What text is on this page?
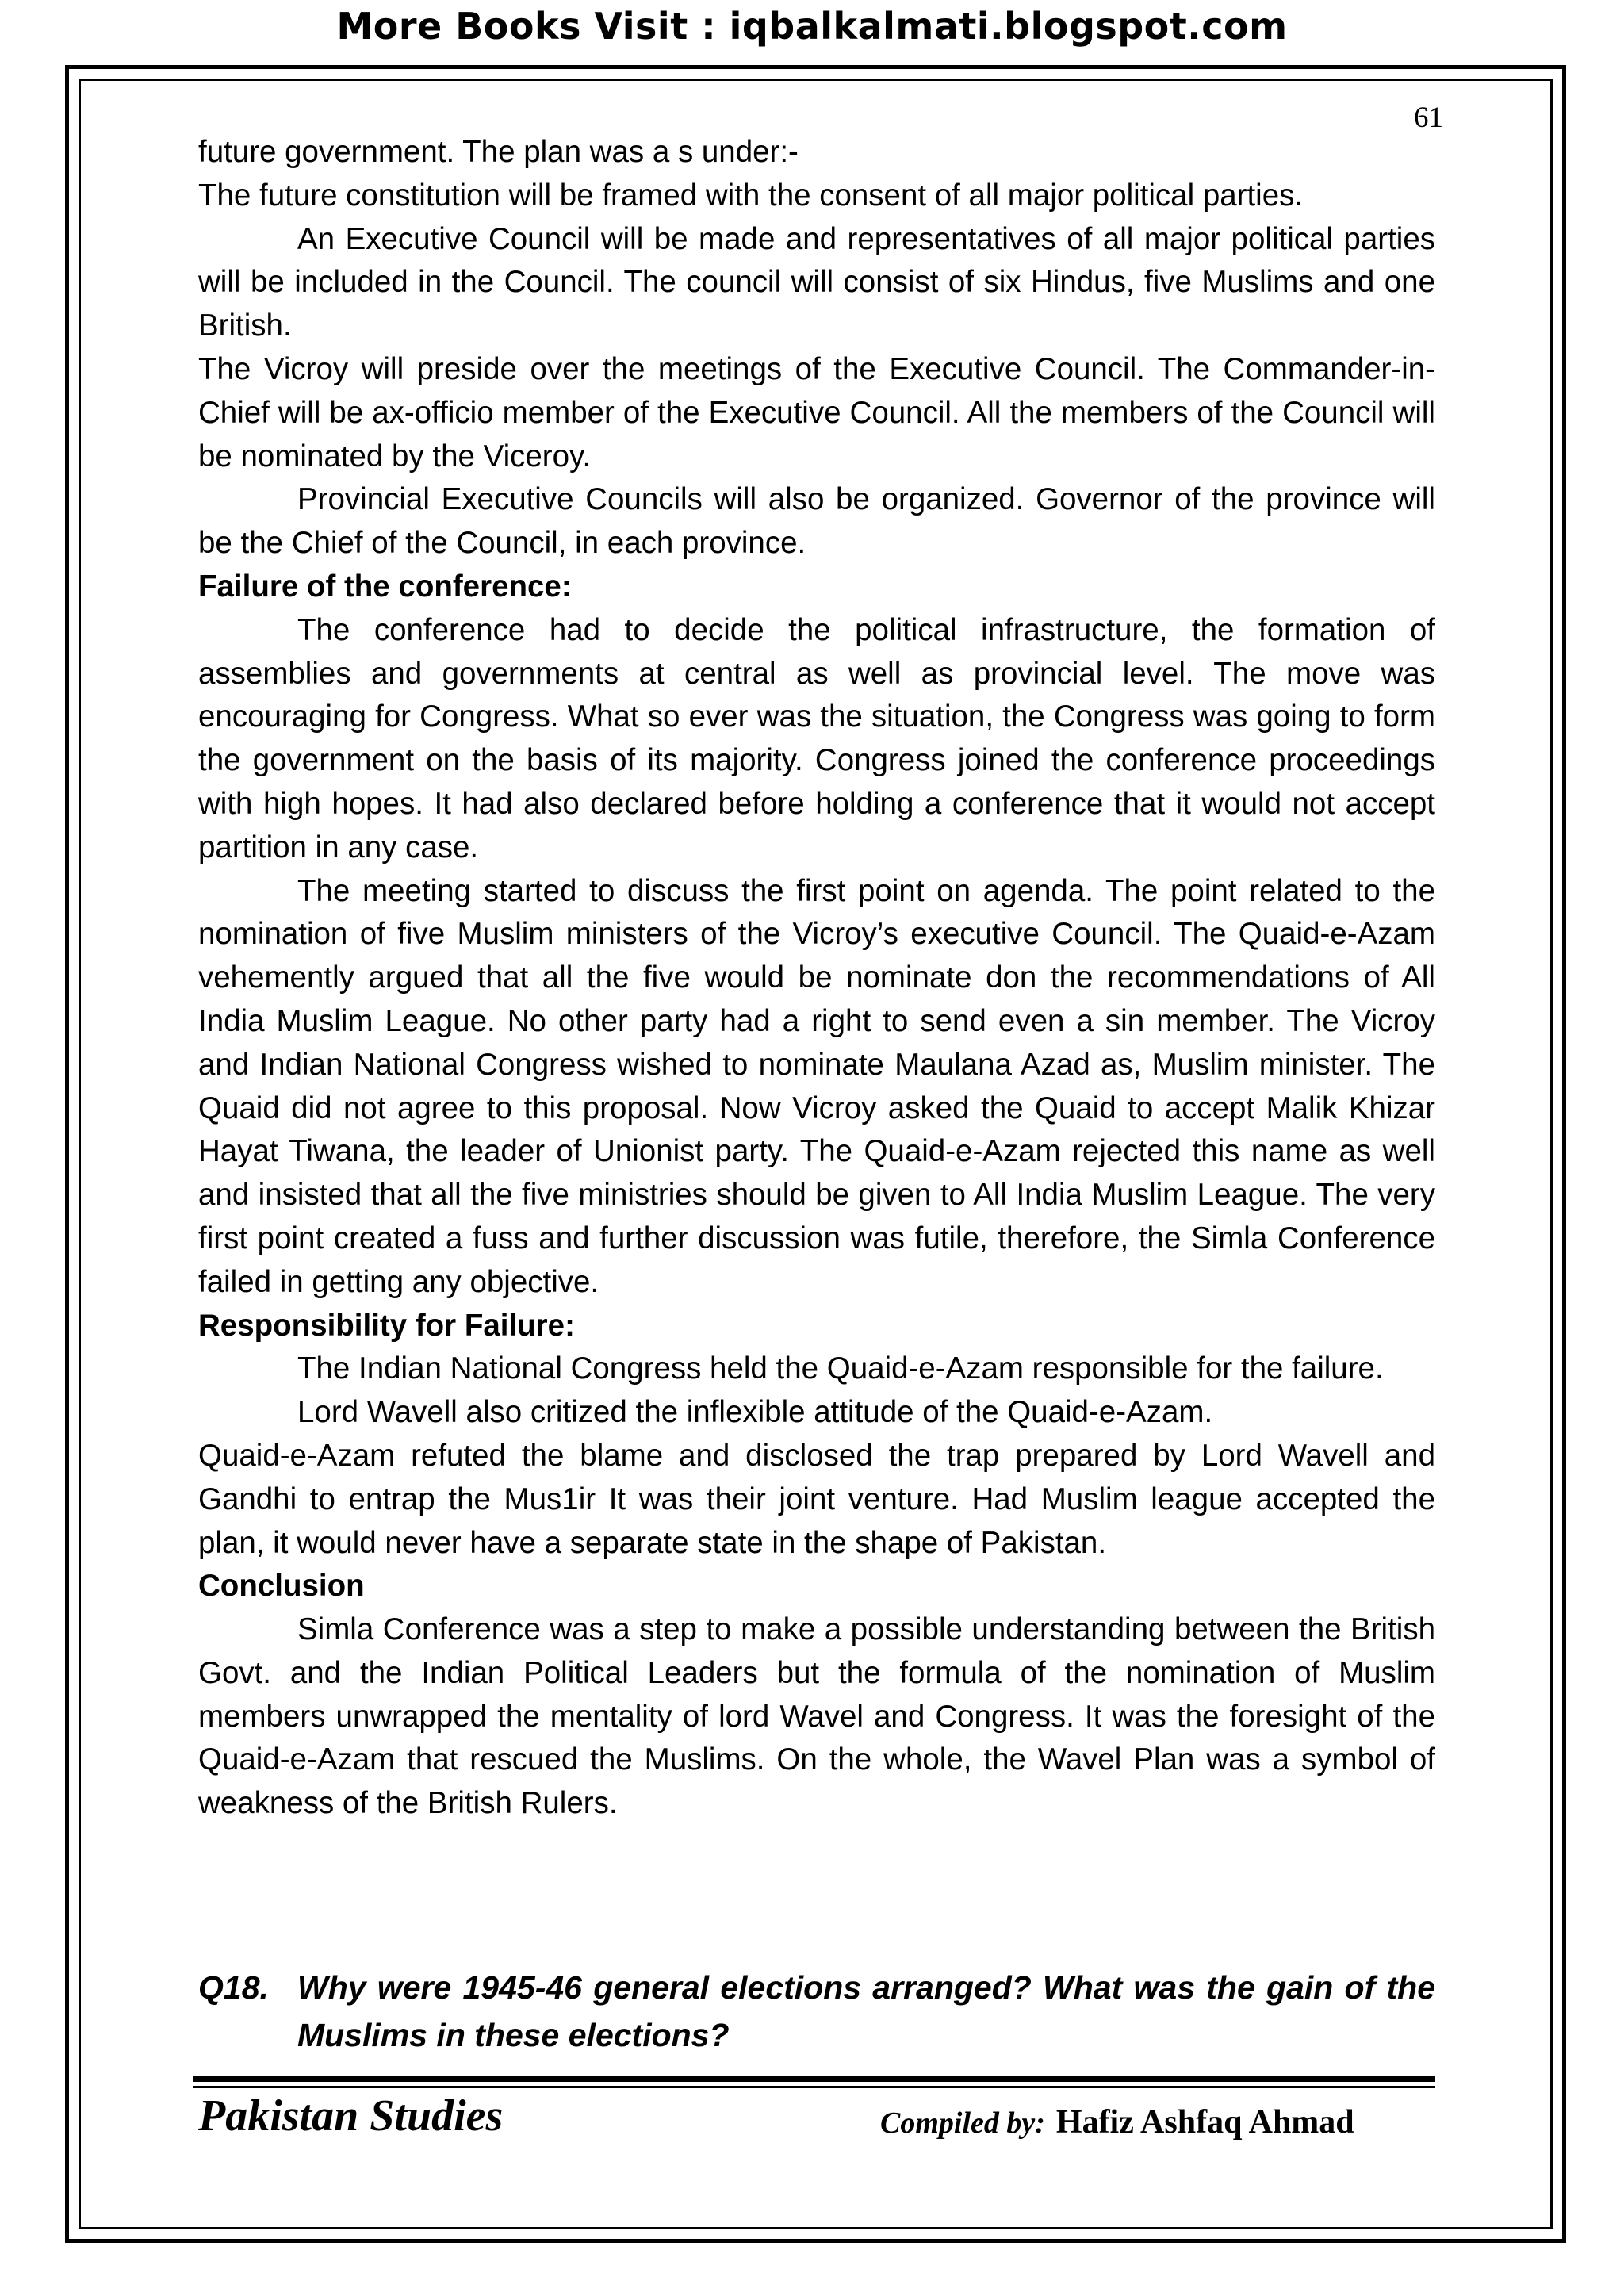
More Books Visit : iqbalkalmati.blogspot.com
61

future government. The plan was a s under:-

The future constitution will be framed with the consent of all major political parties.

An Executive Council will be made and representatives of all major political parties will be included in the Council. The council will consist of six Hindus, five Muslims and one British.

The Vicroy will preside over the meetings of the Executive Council. The Commander-in-Chief will be ax-officio member of the Executive Council. All the members of the Council will be nominated by the Viceroy.

Provincial Executive Councils will also be organized. Governor of the province will be the Chief of the Council, in each province.

Failure of the conference:

The conference had to decide the political infrastructure, the formation of assemblies and governments at central as well as provincial level. The move was encouraging for Congress. What so ever was the situation, the Congress was going to form the government on the basis of its majority. Congress joined the conference proceedings with high hopes. It had also declared before holding a conference that it would not accept partition in any case.

The meeting started to discuss the first point on agenda. The point related to the nomination of five Muslim ministers of the Vicroy’s executive Council. The Quaid-e-Azam vehemently argued that all the five would be nominate don the recommendations of All India Muslim League. No other party had a right to send even a sin member. The Vicroy and Indian National Congress wished to nominate Maulana Azad as, Muslim minister. The Quaid did not agree to this proposal. Now Vicroy asked the Quaid to accept Malik Khizar Hayat Tiwana, the leader of Unionist party. The Quaid-e-Azam rejected this name as well and insisted that all the five ministries should be given to All India Muslim League. The very first point created a fuss and further discussion was futile, therefore, the Simla Conference failed in getting any objective.

Responsibility for Failure:

The Indian National Congress held the Quaid-e-Azam responsible for the failure.

Lord Wavell also critized the inflexible attitude of the Quaid-e-Azam.

Quaid-e-Azam refuted the blame and disclosed the trap prepared by Lord Wavell and Gandhi to entrap the Mus1ir It was their joint venture. Had Muslim league accepted the plan, it would never have a separate state in the shape of Pakistan.

Conclusion

Simla Conference was a step to make a possible understanding between the British Govt. and the Indian Political Leaders but the formula of the nomination of Muslim members unwrapped the mentality of lord Wavel and Congress. It was the foresight of the Quaid-e-Azam that rescued the Muslims. On the whole, the Wavel Plan was a symbol of weakness of the British Rulers.

Q18. Why were 1945-46 general elections arranged? What was the gain of the Muslims in these elections?
Pakistan Studies	Compiled by: Hafiz Ashfaq Ahmad
